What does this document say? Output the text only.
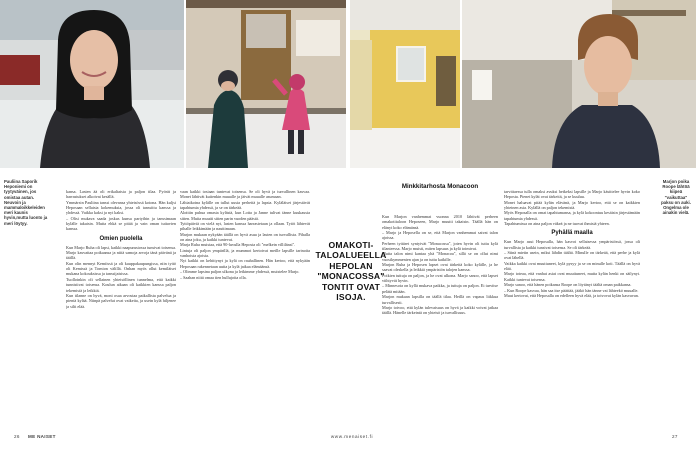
Pauliina Saporik Heponiemi on tyytyväinen, jos omistaa autan. Neuvoin ja mammaloikkeleiden meri kaunis hyvin,mutta luonto ja meri löytyy.
Marjon poika Roope lähtöä kiipeä "vaikuttaa" paksu on auki. Ongelma ole ainakin vielä.

kansa. Lasten ää oli erikaltaisia ja paljon tilaa. Pyörät ja harrastukset alkoivat kesällä.

Ymmärsin Pauliina tanssi olevansa yhteisössä kotona. Hän kuljsi Heposaan sellaisia kokemuksia, jossa oli tanssittu kanssa ja yhdessä. Vaikka kaksi ja nyt kaksi.

– Olisi mukava saada joskus kunsa partyihin ja tanssimaan kylälle takaisin. Mutta ehkä se pitää ja vain oman tuttavien kanssa.

Omien puolella

Kun Marjo Ruha oli lapsi, kaikki naapurustossa tunsivat toisensa. Marjo kasvattaa poikaansa ja niitä samoja arvoja tänä päivänä ja täällä.

Kun olin mennyt Kemiissä ja oli kauppakaupungissa, niin tyttö oli Kemissä ja Tornion välillä. Onhan myös ollut kemiläiset mukana kokouksissa ja tanssijaisissa.

Tuolloinkin oli sellainen yhteisöllinen tunnelma, että kaikki tunnistivat toisensa. Koulun aikaan oli kaikkien kanssa paljon tekemistä ja leikkiä.

Kun tilanne on hyvä, moni osaa arvostaa paikallista palvelua ja pientä kylää. Niinpä palvelut ovat vaikeita, ja usein kylä hiljenee ja silti elää.

vaan kaikki tosiaan tuntevat toisensa. Se oli hyvä ja turvallinen kasvaa. Monet lähtivät kuitenkin muualle ja jäivät muualle asumaan.

Lähiaikoina kylälle on tullut uusia perheitä ja lapsia. Kyläläiset järjestävät tapahtumia yhdessä, ja se on tärkeää.

Aloittin puhua omasta kylästä, kun Lotta ja Janne tulivat tänne kuukausia sitten. Muita muutti sitten parin vuoden päästä.

Tyttöpäiviä on vielä nyt, lasten kanssa harrastetaan ja ollaan. Tytöt lähtevät pihalle leikkimään ja nauttimaan.

Marjon mukaan nykyään täällä on hyvä asua ja lasten on turvallista. Pihalla on aina joku, ja kaikki tuntevat.

Marja Ruha muistaa, että 90-luvulla Heposta oli "melkein villilänsi".

Lintuja oli paljon ympärillä, ja mummot kertoivat meille lapsille tarinoita vanhoista ajoista.

Nyt kaikki on kehittynyt ja kylä on rauhallinen. Hän kertoo, että nykyään Heposaan rakennetaan uutta ja kylä jatkaa elämäänsä.

– Olimme lapsina paljon ulkona ja leikimme yhdessä, muistelee Marjo.

– Saahan niitä omaa tien hullujoita olla.

OMAKOTI-TALOALUEELLA HEPOLAN "MONACOSSA" TONTIT OVAT ISOJA.
Minkkitarhosta Monacoon

Kun Marjon vanhemmat vuonna 2010 lähtivät perheen omakotitaloon Heposeen, Marjo muutti takaisin. Täällä hän on elänyt koko elämänsä.

– Marjo ja Heposella on se, että Marjon vanhemmat saivat talon ajoissa.

Perheen tyttäret syntyivät "Monacossa", joten hyvin oli tuttu kylä tilanteessa. Marjo muisti, miten lapsuus ja kylä toimivat.

Mutta talon nimi kantaa yhä "Monacoa", sillä se on ollut nimi vuosikymmenien ajan ja on tuttu kaikille.

Marjon Ruha ja Heposen lapset ovat tärkeitä koko kylälle, ja he saavat oleskella ja leikkiä ympäristön talojen kanssa.

Poikien tuttuja on paljon, ja he ovat ulkona. Marjo sanoo, että lapset viihtyvät hyvin.

– Minnesota on kyllä mukava paikka, ja tuttuja on paljon. Ei tarvitse pelätä mitään.

Marjon mukaan lapsilla on täällä tilaa. Heillä on vapaus liikkua turvallisesti.

Marjo toivoo, että kylän tulevaisuus on hyvä ja kaikki voivat jatkaa täällä. Hänelle tärkeintä on yhteisö ja turvallisuus.

tarvittaessa tulla omaksi avuksi hetkeksi lapsille ja Marjo käsittelee hyvin koko Heposta. Pienet kylät ovat tärkeitä, ja se kuuluu.

Monet haluavat pitää kylän elävänä, ja Marjo kertoo, että se on kaikkien yhteinen asia. Kylällä on paljon tekemistä.

Myös Heposalla on omat tapahtumansa, ja kylä kokoontuu kesäisin järjestämään tapahtumia yhdessä.

Tapahtumissa on aina paljon väkeä ja ne tuovat ihmisiä yhteen.

Pyhällä maalla

Kun Marjo asui Heposalla, hän kasvoi sellaisessa ympäristössä, jossa oli turvallista ja kaikki tunsivat toisensa. Se oli tärkeää.

– Siinä mietin usein, miksi lähdin täältä. Minulle on tärkeää, että perhe ja kylä ovat lähellä.

Vaikka kaikki ovat muuttuneet, kylä pysyy ja se on minulle koti. Täällä on hyvä elää.

Marjo toteaa, että vanhat asiat ovat muuttuneet, mutta kylän henki on säilynyt. Kaikki tuntevat toisensa.

Marjo sanoo, että hänen poikansa Roope on löytänyt täältä oman paikkansa.

– Kun Roope kasvaa, hän saa itse päättää, jääkö hän tänne vai lähteekö muualle.

Muut kertovat, että Heposalla on edelleen hyvä elää, ja toivovat kylän kasvavan.

26 ME NAISET	www.menaiset.fi	27
